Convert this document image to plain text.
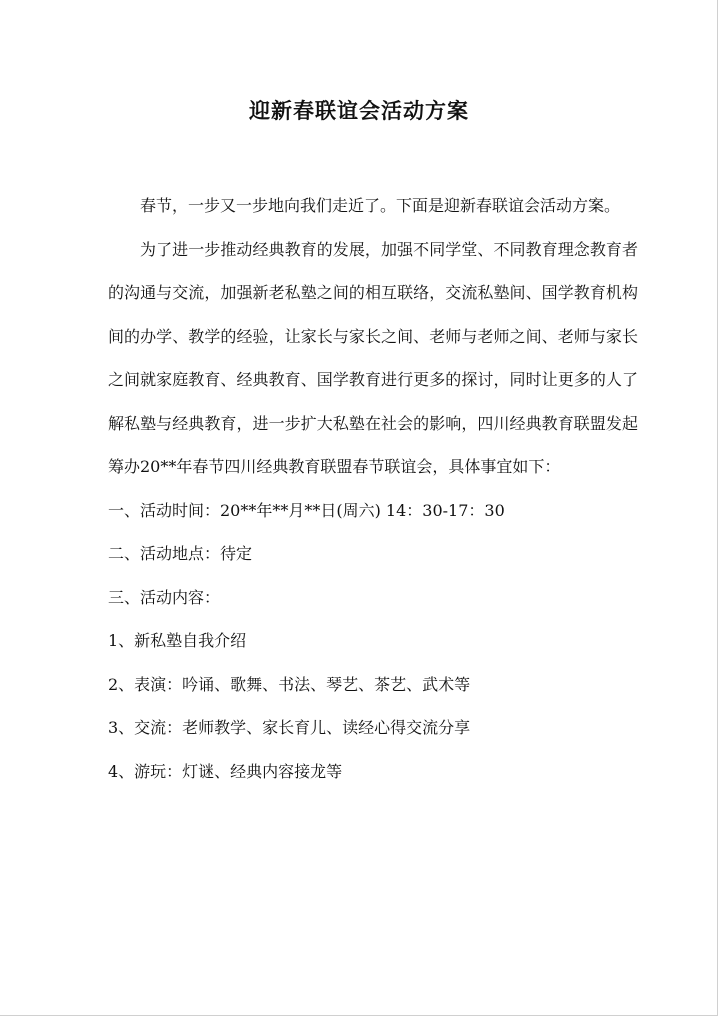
迎新春联谊会活动方案

春节，一步又一步地向我们走近了。下面是迎新春联谊会活动方案。

为了进一步推动经典教育的发展，加强不同学堂、不同教育理念教育者的沟通与交流，加强新老私塾之间的相互联络，交流私塾间、国学教育机构间的办学、教学的经验，让家长与家长之间、老师与老师之间、老师与家长之间就家庭教育、经典教育、国学教育进行更多的探讨，同时让更多的人了解私塾与经典教育，进一步扩大私塾在社会的影响，四川经典教育联盟发起筹办20**年春节四川经典教育联盟春节联谊会，具体事宜如下：

一、活动时间：20**年**月**日(周六) 14：30-17：30

二、活动地点：待定

三、活动内容：

1、新私塾自我介绍

2、表演：吟诵、歌舞、书法、琴艺、茶艺、武术等

3、交流：老师教学、家长育儿、读经心得交流分享

4、游玩：灯谜、经典内容接龙等
